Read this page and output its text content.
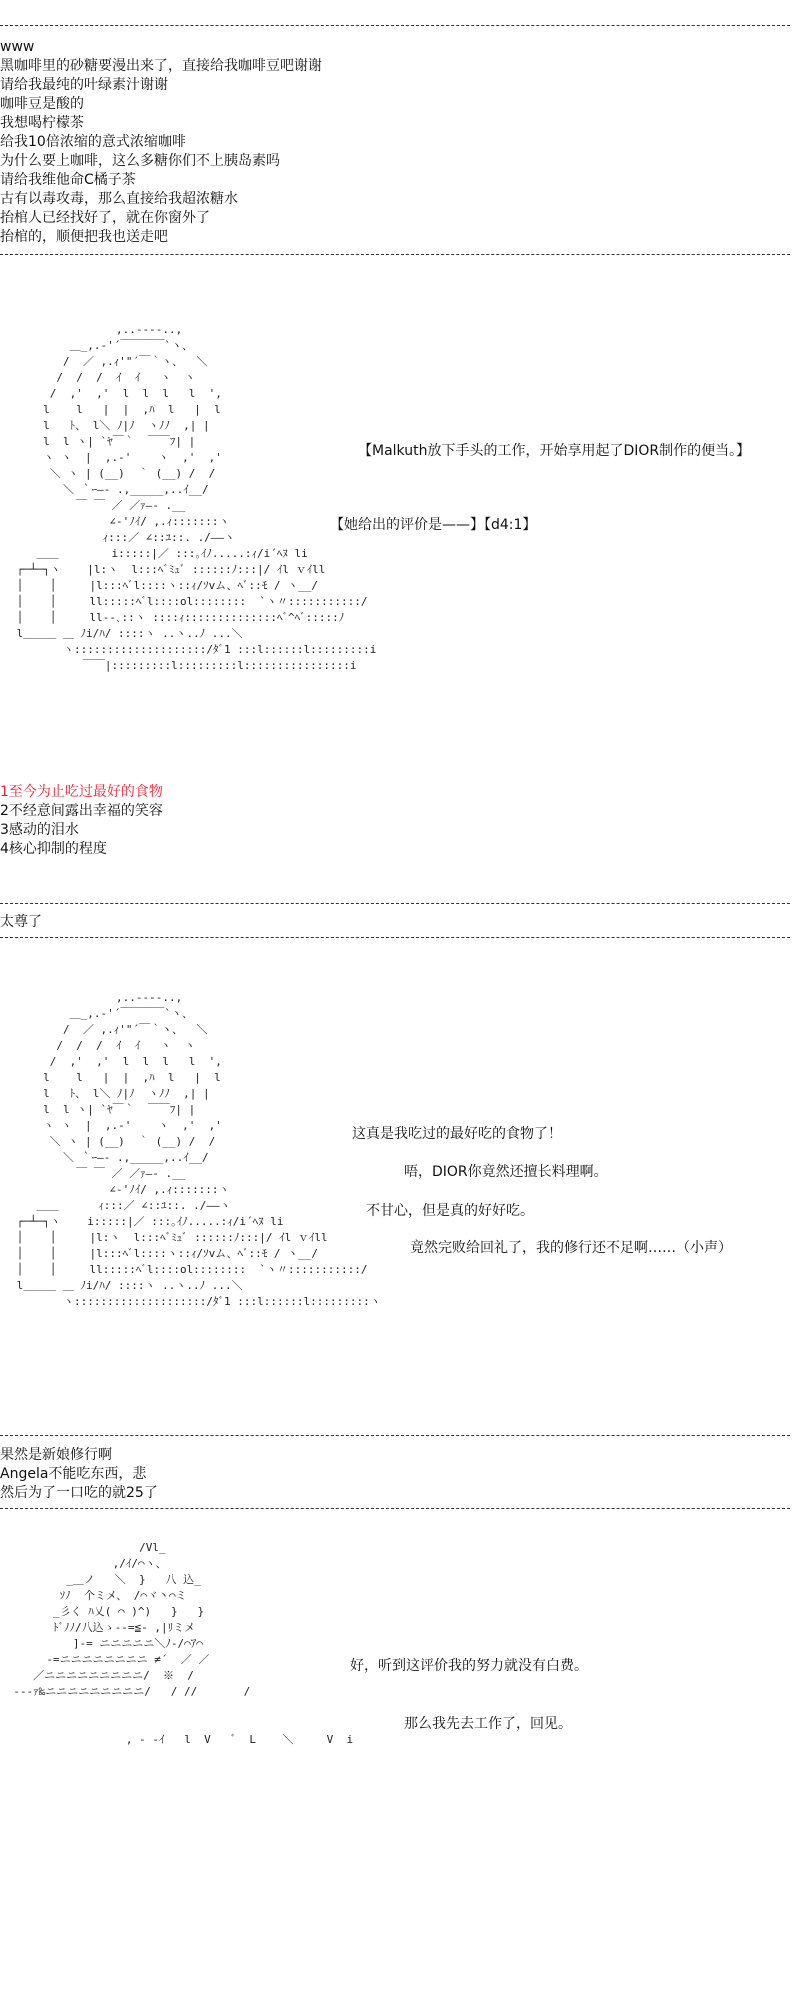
www
黑咖啡里的砂糖要漫出来了，直接给我咖啡豆吧谢谢
请给我最纯的叶绿素汁谢谢
咖啡豆是酸的
我想喝柠檬茶
给我10倍浓缩的意式浓缩咖啡
为什么要上咖啡，这么多糖你们不上胰岛素吗
请给我维他命C橘子茶
古有以毒攻毒，那么直接给我超浓糖水
抬棺人已经找好了，就在你窗外了
抬棺的，顺便把我也送走吧
,..-‐‐-..,
＿_,.-'´￣￣￣￣`ヽ、
/  ／ ,.ｨ'"´￣｀ヽ、  ＼
/  /  /  ｲ  ｲ   ヽ  ヽ
/  ,'  ,'  l  l  l   l  ',
l    l   |  |  ,ﾊ  l   |  l
l   ﾄ、 l＼ ﾉ|ﾉ  ヽﾉﾉ  ,| |
l  l ヽ| `ﾔ￣｀  ￣￣ﾌ| |
ヽ ヽ  |  ,.-'    ヽ  ,'  ,'
＼ ヽ | (__)  ｀ (__) /  /
＼ ｀ｰ―- .,_____,..ｲ__/
￣ ￣ ／ ／ｧ―- .__
∠-'ﾉｲ/ ,.ｨ:::::::ヽ
ｨ:::／ ∠::ﾕ::. ./――ヽ
＿＿        i:::::|／ :::｡ｲﾉ.....:ｨ/i´ﾍﾇ li
┌─┴─┐ヽ    |l:ヽ  l:::ﾍﾞﾐｭﾞ ::::::ﾉ:::|/ ｲl ｖｲll
│    │     |l:::ﾍﾞl::::ヽ::ｨ/ｿvム、ﾍﾞ::ﾓ / ヽ__/
│    │     ll:::::ﾍﾞl::::ol::::::::  `ヽ〃:::::::::::/
│    │     ll‐-､::ヽ ::::ｨ::::::::::::::ﾍﾞ^ﾍﾞ:::::ﾉ
l＿＿＿ ＿ ﾉi/ﾊ/ ::::ヽ ..ヽ..ﾉ ...＼
ヽ::::::::::::::::::::/ﾀﾞ1 :::l::::::l:::::::::i
￣￣|:::::::::l:::::::::l::::::::::::::::i
【Malkuth放下手头的工作，开始享用起了DIOR制作的便当。】
【她给出的评价是——】【d4:1】
1至今为止吃过最好的食物
2不经意间露出幸福的笑容
3感动的泪水
4核心抑制的程度
太尊了
,..-‐‐-..,
＿_,.-'´￣￣￣￣`ヽ、
/  ／ ,.ｨ'"´￣｀ヽ、  ＼
/  /  /  ｲ  ｲ   ヽ  ヽ
/  ,'  ,'  l  l  l   l  ',
l    l   |  |  ,ﾊ  l   |  l
l   ﾄ、 l＼ ﾉ|ﾉ  ヽﾉﾉ  ,| |
l  l ヽ| `ﾔ￣｀  ￣￣ﾌ| |
ヽ ヽ  |  ,.-'    ヽ  ,'  ,'
＼ ヽ | (__)  ｀ (__) /  /
＼ ｀ｰ―- .,_____,..ｲ__/
￣ ￣ ／ ／ｧ―- .__
∠-'ﾉｲ/ ,.ｨ:::::::ヽ
＿＿      ｨ:::／ ∠::ﾕ::. ./――ヽ
┌─┴─┐ヽ    i:::::|／ :::｡ｲﾉ.....:ｨ/i´ﾍﾇ li
│    │     |l:ヽ  l:::ﾍﾞﾐｭﾞ ::::::ﾉ:::|/ ｲl ｖｲll
│    │     |l:::ﾍﾞl::::ヽ::ｨ/ｿvム、ﾍﾞ::ﾓ / ヽ__/
│    │     ll:::::ﾍﾞl::::ol::::::::  `ヽ〃:::::::::::/
l＿＿＿ ＿ ﾉi/ﾊ/ ::::ヽ ..ヽ..ﾉ ...＼
ヽ::::::::::::::::::::/ﾀﾞ1 :::l::::::l:::::::::ヽ
这真是我吃过的最好吃的食物了！
唔，DIOR你竟然还擅长料理啊。
不甘心，但是真的好好吃。
竟然完败给回礼了，我的修行还不足啊……（小声）
果然是新娘修行啊
Angela不能吃东西，悲
然后为了一口吃的就25了
/Vl_
,/ｲ/⌒ヽ、
_＿ノ   ＼  }   八 込_
ｿﾉ  个ミメ、 /⌒ヾ丶⌒ミ
_彡く ﾊ乂( ⌒ )^)   }   }
ﾄﾞﾉﾉ/八込ゝ--=≦- ,|ﾘミメ
]-= ニニニニニ＼ﾉ-/⌒ｱ⌒
-=ニニニニニニニニ ≠´  ／ ／
／ニニニニニニニニニ/  ※  /
‐‐‐ｧ‰ニニニニニニニニニ/   / //       /

, ‐ ‐ｲ   l  V   ﾞ  L    ＼     V  i
好，听到这评价我的努力就没有白费。
那么我先去工作了，回见。
